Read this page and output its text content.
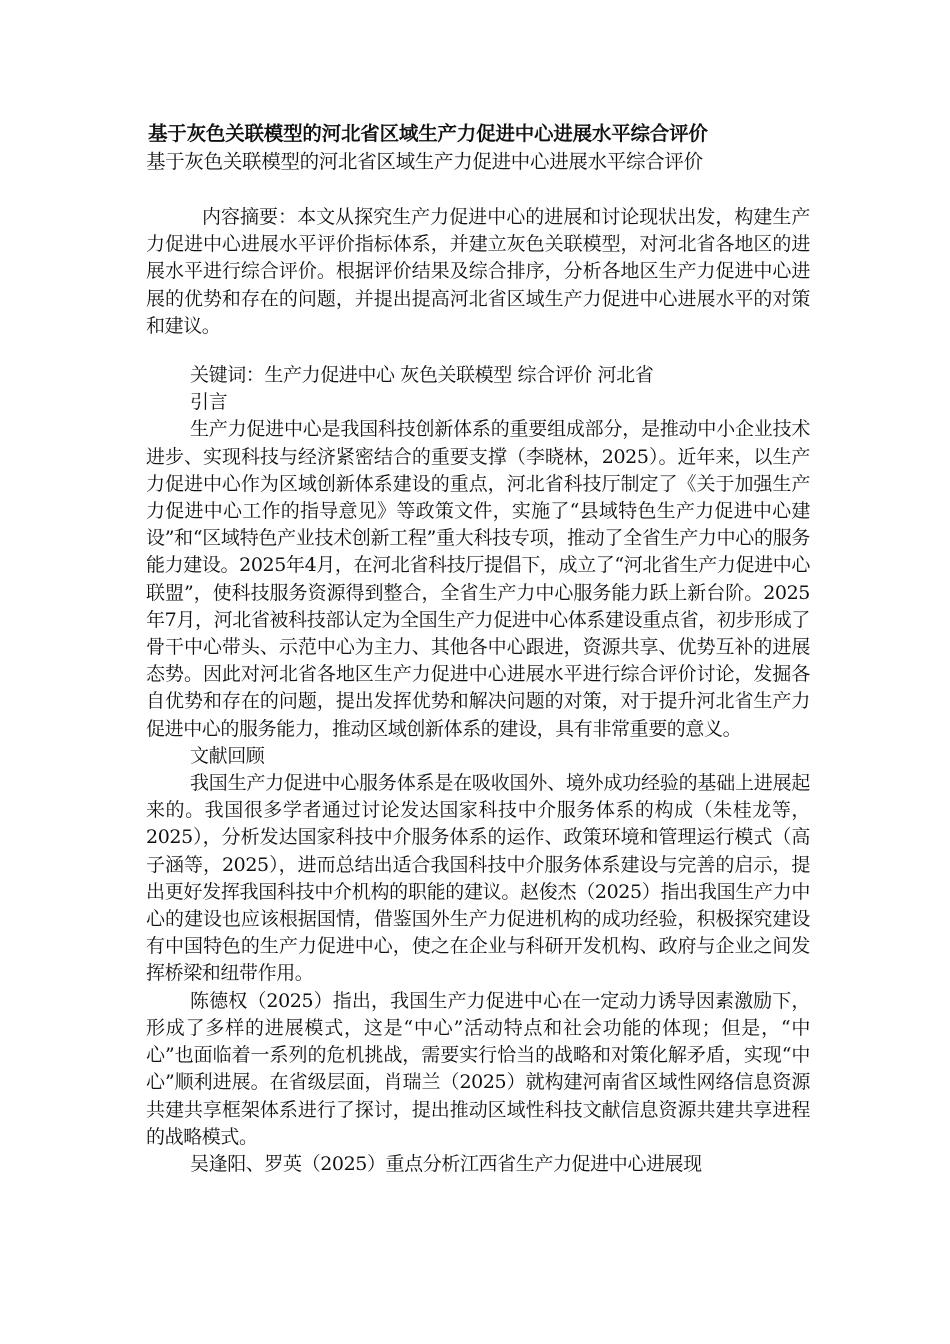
基于灰色关联模型的河北省区域生产力促进中心进展水平综合评价
基于灰色关联模型的河北省区域生产力促进中心进展水平综合评价

内容摘要：本文从探究生产力促进中心的进展和讨论现状出发，构建生产力促进中心进展水平评价指标体系，并建立灰色关联模型，对河北省各地区的进展水平进行综合评价。根据评价结果及综合排序，分析各地区生产力促进中心进展的优势和存在的问题，并提出提高河北省区域生产力促进中心进展水平的对策和建议。

关键词：生产力促进中心 灰色关联模型 综合评价 河北省

引言

生产力促进中心是我国科技创新体系的重要组成部分，是推动中小企业技术进步、实现科技与经济紧密结合的重要支撑（李晓林，2025）。近年来，以生产力促进中心作为区域创新体系建设的重点，河北省科技厅制定了《关于加强生产力促进中心工作的指导意见》等政策文件，实施了“县域特色生产力促进中心建设”和“区域特色产业技术创新工程”重大科技专项，推动了全省生产力中心的服务能力建设。2025年4月，在河北省科技厅提倡下，成立了“河北省生产力促进中心联盟”，使科技服务资源得到整合，全省生产力中心服务能力跃上新台阶。2025年7月，河北省被科技部认定为全国生产力促进中心体系建设重点省，初步形成了骨干中心带头、示范中心为主力、其他各中心跟进，资源共享、优势互补的进展态势。因此对河北省各地区生产力促进中心进展水平进行综合评价讨论，发掘各自优势和存在的问题，提出发挥优势和解决问题的对策，对于提升河北省生产力促进中心的服务能力，推动区域创新体系的建设，具有非常重要的意义。

文献回顾

我国生产力促进中心服务体系是在吸收国外、境外成功经验的基础上进展起来的。我国很多学者通过讨论发达国家科技中介服务体系的构成（朱桂龙等，2025），分析发达国家科技中介服务体系的运作、政策环境和管理运行模式（高子涵等，2025），进而总结出适合我国科技中介服务体系建设与完善的启示，提出更好发挥我国科技中介机构的职能的建议。赵俊杰（2025）指出我国生产力中心的建设也应该根据国情，借鉴国外生产力促进机构的成功经验，积极探究建设有中国特色的生产力促进中心，使之在企业与科研开发机构、政府与企业之间发挥桥梁和纽带作用。

陈德权（2025）指出，我国生产力促进中心在一定动力诱导因素激励下，形成了多样的进展模式，这是“中心”活动特点和社会功能的体现；但是，“中心”也面临着一系列的危机挑战，需要实行恰当的战略和对策化解矛盾，实现“中心”顺利进展。在省级层面，肖瑞兰（2025）就构建河南省区域性网络信息资源共建共享框架体系进行了探讨，提出推动区域性科技文献信息资源共建共享进程的战略模式。

吴逢阳、罗英（2025）重点分析江西省生产力促进中心进展现
